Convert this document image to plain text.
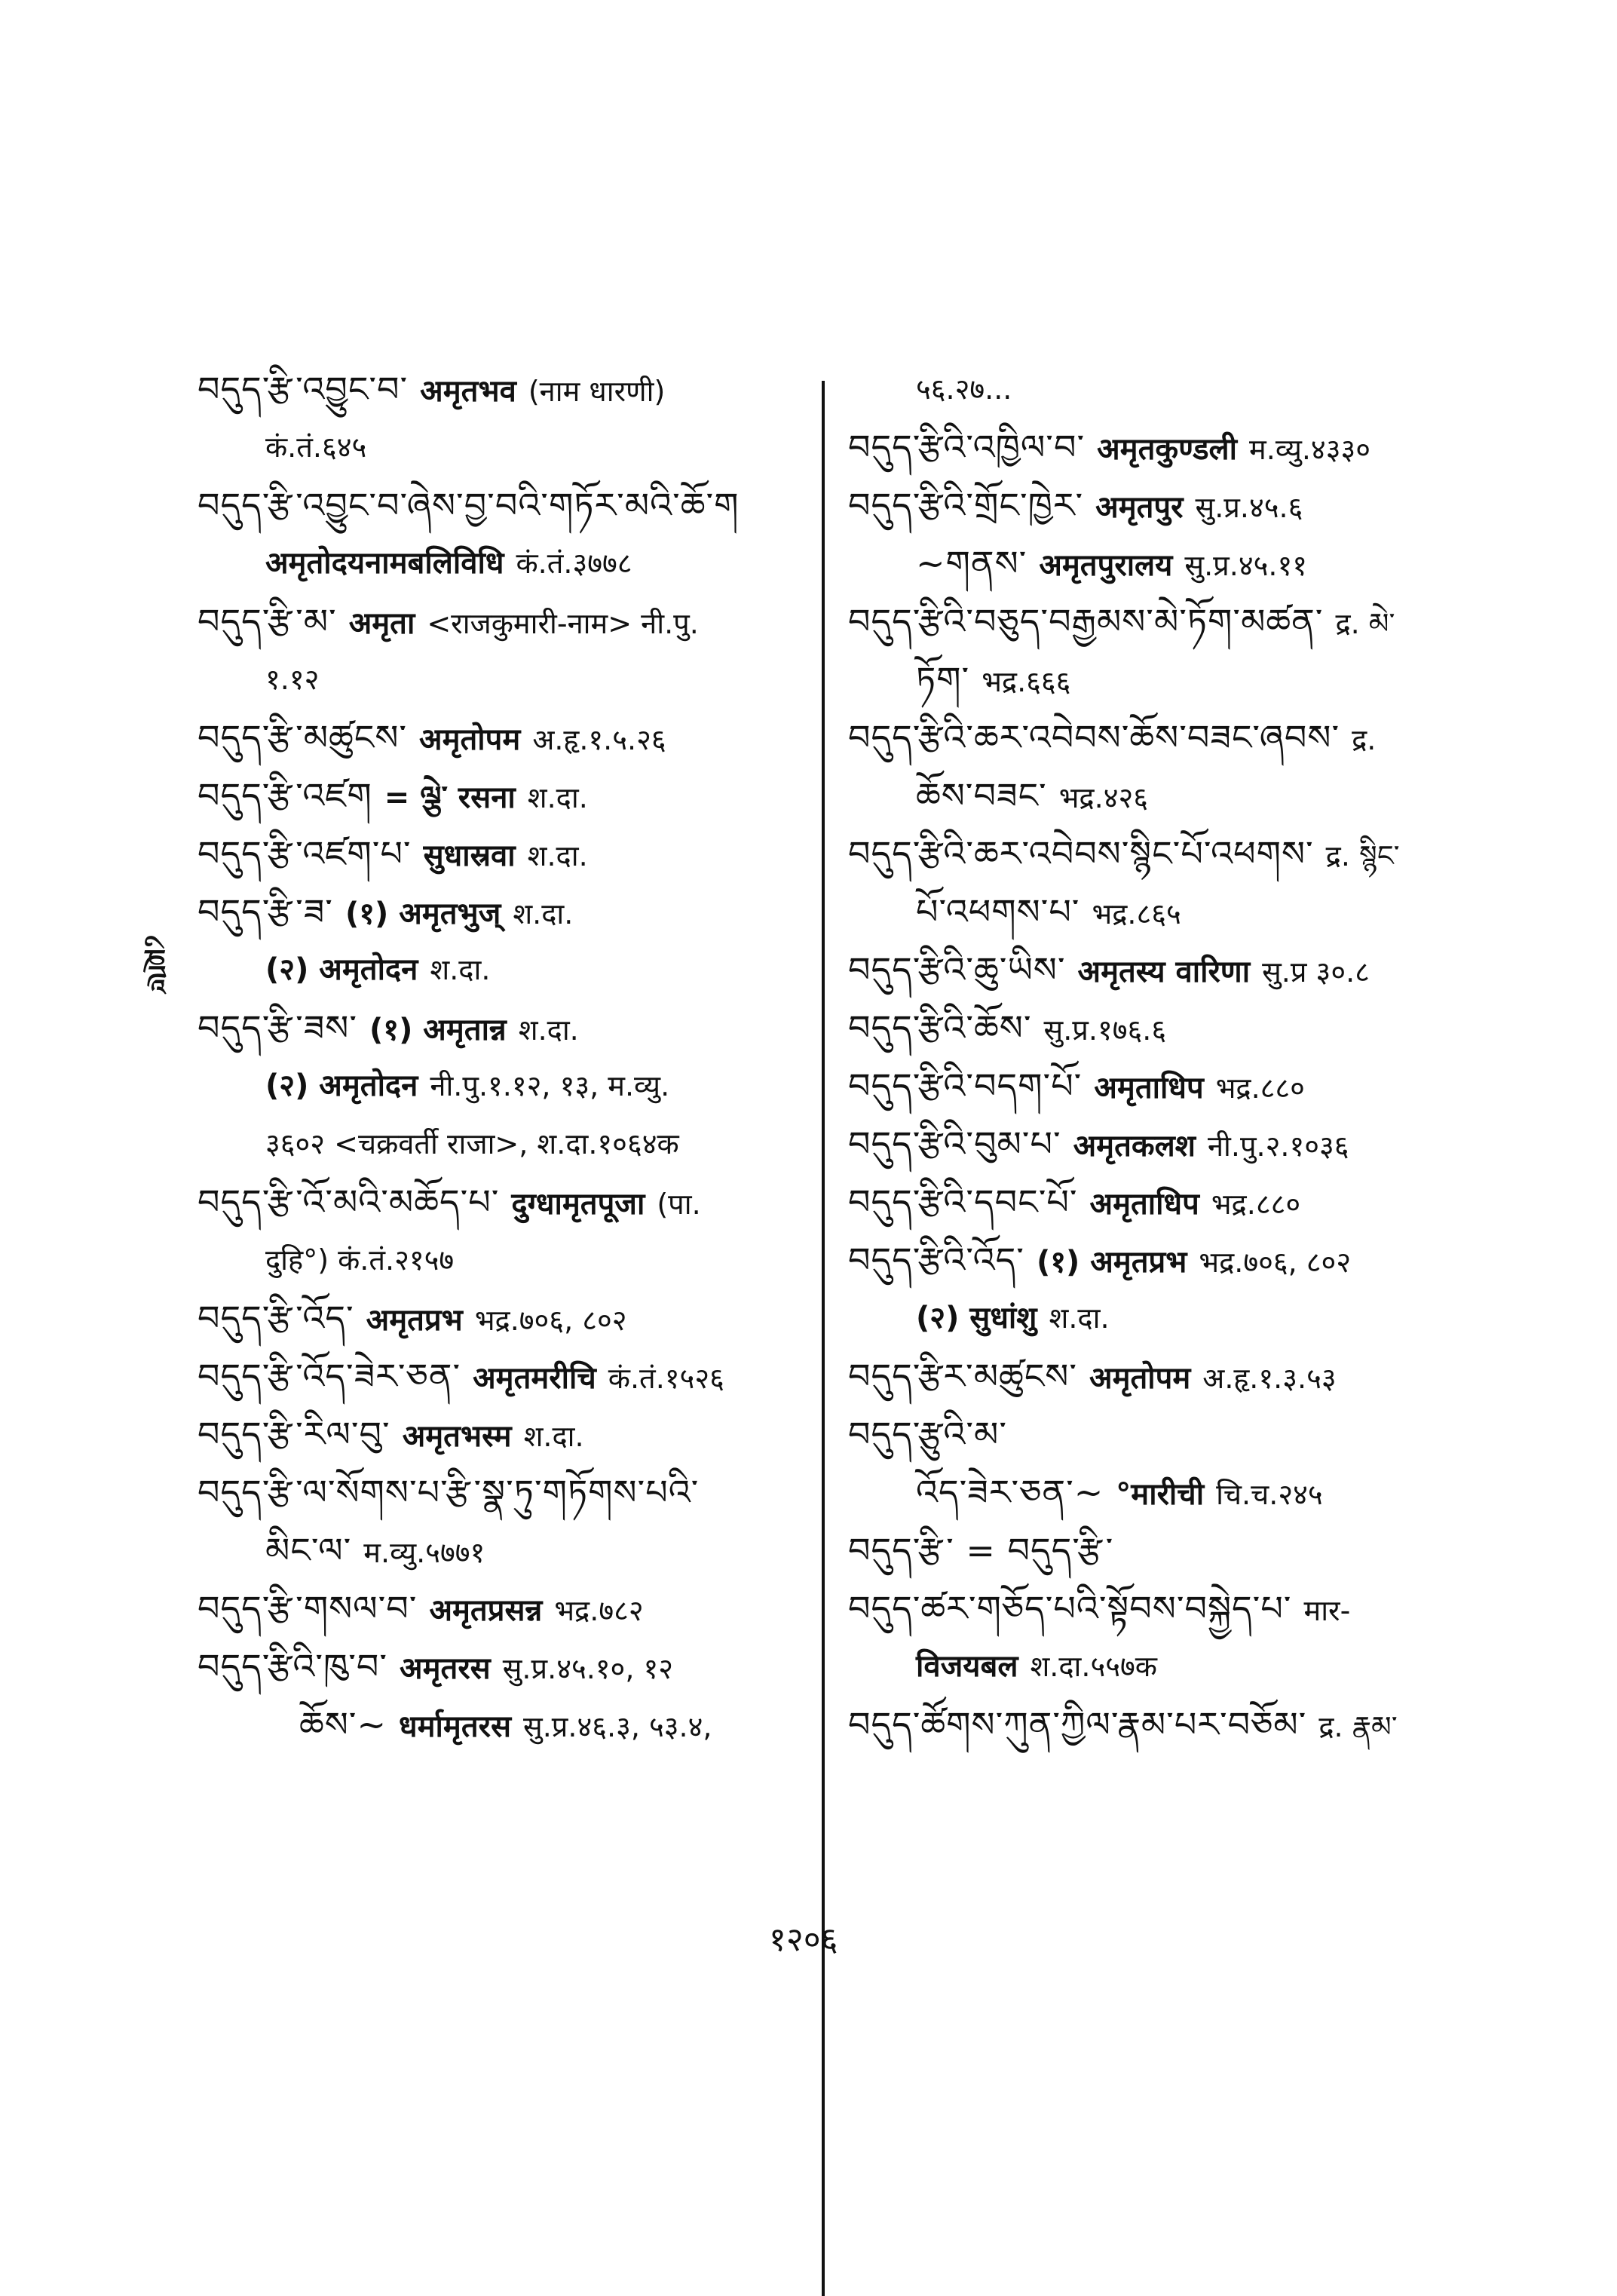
ཎྜཱི
བདུད་རྩི་འབྱུང་བ་ अमृतभव (नाम धारणी)
कं.तं.६४५
བདུད་རྩི་འབྱུང་བ་ཞེས་བྱ་བའི་གཏོར་མའི་ཆོ་ག
अमृतोदयनामबलिविधि कं.तं.३७७८
བདུད་རྩི་མ་ अमृता <राजकुमारी-नाम> नी.पु.
१.१२
བདུད་རྩི་མཚུངས་ अमृतोपम अ.हृ.१.५.२६
བདུད་རྩི་འཛག = ལྕེ་ रसना श.दा.
བདུད་རྩི་འཛག་པ་ सुधास्रवा श.दा.
བདུད་རྩི་ཟ་ (१) अमृतभुज् श.दा.
(२) अमृतोदन श.दा.
བདུད་རྩི་ཟས་ (१) अमृतान्न श.दा.
(२) अमृतोदन नी.पु.१.१२, १३, म.व्यु.
३६०२ <चक्रवर्ती राजा>, श.दा.१०६४क
བདུད་རྩི་འོ་མའི་མཆོད་པ་ दुग्धामृतपूजा (पा.
दुहि°) कं.तं.२१५७
བདུད་རྩི་འོད་ अमृतप्रभ भद्र.७०६, ८०२
བདུད་རྩི་འོད་ཟེར་ཅན་ अमृतमरीचि कं.तं.१५२६
བདུད་རྩི་རིལ་བུ་ अमृतभस्म श.दा.
བདུད་རྩི་ལ་སོགས་པ་རྩི་སྣ་ཏུ་གཏོགས་པའི་
མིང་ལ་ म.व्यु.५७७१
བདུད་རྩི་གསལ་བ་ अमृतप्रसन्न भद्र.७८२
བདུད་རྩིའི་ཁུ་བ་ अमृतरस सु.प्र.४५.१०, १२
ཆོས་~ धर्मामृतरस सु.प्र.४६.३, ५३.४,
५६.२७...
བདུད་རྩིའི་འཁྱིལ་བ་ अमृतकुण्डली म.व्यु.४३३०
བདུད་རྩིའི་གྲོང་ཁྱེར་ अमृतपुर सु.प्र.४५.६
~གནས་ अमृतपुरालय सु.प्र.४५.११
བདུད་རྩིའི་བཅུད་བརྒྱམས་མེ་ཏོག་མཚན་ द्र. མེ་
ཏོག་ भद्र.६६६
བདུད་རྩིའི་ཆར་འབེབས་ཆོས་བཟང་ཞབས་ द्र.
ཆོས་བཟང་ भद्र.४२६
བདུད་རྩིའི་ཆར་འབེབས་སྙིང་པོ་འཕགས་ द्र. སྙིང་
པོ་འཕགས་པ་ भद्र.८६५
བདུད་རྩིའི་ཆུ་ཡིས་ अमृतस्य वारिणा सु.प्र ३०.८
བདུད་རྩིའི་ཆོས་ सु.प्र.१७६.६
བདུད་རྩིའི་བདག་པོ་ अमृताधिप भद्र.८८०
བདུད་རྩིའི་བུམ་པ་ अमृतकलश नी.पु.२.१०३६
བདུད་རྩིའི་དབང་པོ་ अमृताधिप भद्र.८८०
བདུད་རྩིའི་འོད་ (१) अमृतप्रभ भद्र.७०६, ८०२
(२) सुधांशु श.दा.
བདུད་རྩིར་མཚུངས་ अमृतोपम अ.हृ.१.३.५३
བདུད་རྩུའི་མ་
འོད་ཟེར་ཅན་~ °मारीची चि.च.२४५
བདུད་རྩི་ = བདུད་རྩི་
བདུད་ཚར་གཅོད་པའི་སྟོབས་བསྐྱེད་པ་ मार-
विजयबल श.दा.५५७क
བདུད་ཚོགས་ཀུན་ཀྱིལ་རྣམ་པར་བཅོམ་ द्र. རྣམ་
१२०६
